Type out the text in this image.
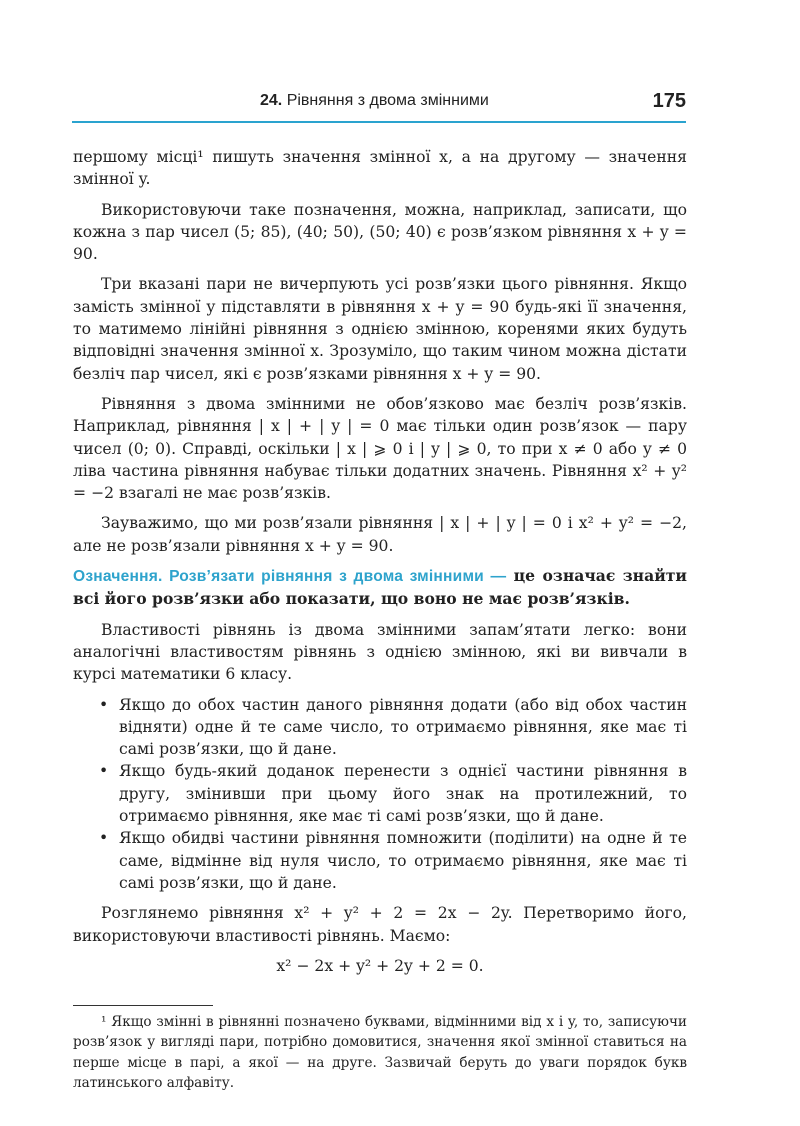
24. Рівняння з двома змінними	175

першому місці¹ пишуть значення змінної x, а на другому — значення змінної y.

Використовуючи таке позначення, можна, наприклад, записати, що кожна з пар чисел (5; 85), (40; 50), (50; 40) є розв’язком рівняння x + y = 90.

Три вказані пари не вичерпують усі розв’язки цього рівняння. Якщо замість змінної y підставляти в рівняння x + y = 90 будь-які її значення, то матимемо лінійні рівняння з однією змінною, коренями яких будуть відповідні значення змінної x. Зрозуміло, що таким чином можна дістати безліч пар чисел, які є розв’язками рівняння x + y = 90.

Рівняння з двома змінними не обов’язково має безліч розв’язків. Наприклад, рівняння | x | + | y | = 0 має тільки один розв’язок — пару чисел (0; 0). Справді, оскільки | x | ⩾ 0 і | y | ⩾ 0, то при x ≠ 0 або y ≠ 0 ліва частина рівняння набуває тільки додатних значень. Рівняння x² + y² = −2 взагалі не має розв’язків.

Зауважимо, що ми розв’язали рівняння | x | + | y | = 0 і x² + y² = −2, але не розв’язали рівняння x + y = 90.

Означення. Розв’язати рівняння з двома змінними — це означає знайти всі його розв’язки або показати, що воно не має розв’язків.

Властивості рівнянь із двома змінними запам’ятати легко: вони аналогічні властивостям рівнянь з однією змінною, які ви вивчали в курсі математики 6 класу.

• Якщо до обох частин даного рівняння додати (або від обох частин відняти) одне й те саме число, то отримаємо рівняння, яке має ті самі розв’язки, що й дане.
• Якщо будь-який доданок перенести з однієї частини рівняння в другу, змінивши при цьому його знак на протилежний, то отримаємо рівняння, яке має ті самі розв’язки, що й дане.
• Якщо обидві частини рівняння помножити (поділити) на одне й те саме, відмінне від нуля число, то отримаємо рівняння, яке має ті самі розв’язки, що й дане.

Розглянемо рівняння x² + y² + 2 = 2x − 2y. Перетворимо його, використовуючи властивості рівнянь. Маємо:

x² − 2x + y² + 2y + 2 = 0.

¹ Якщо змінні в рівнянні позначено буквами, відмінними від x і y, то, записуючи розв’язок у вигляді пари, потрібно домовитися, значення якої змінної ставиться на перше місце в парі, а якої — на друге. Зазвичай беруть до уваги порядок букв латинського алфавіту.
